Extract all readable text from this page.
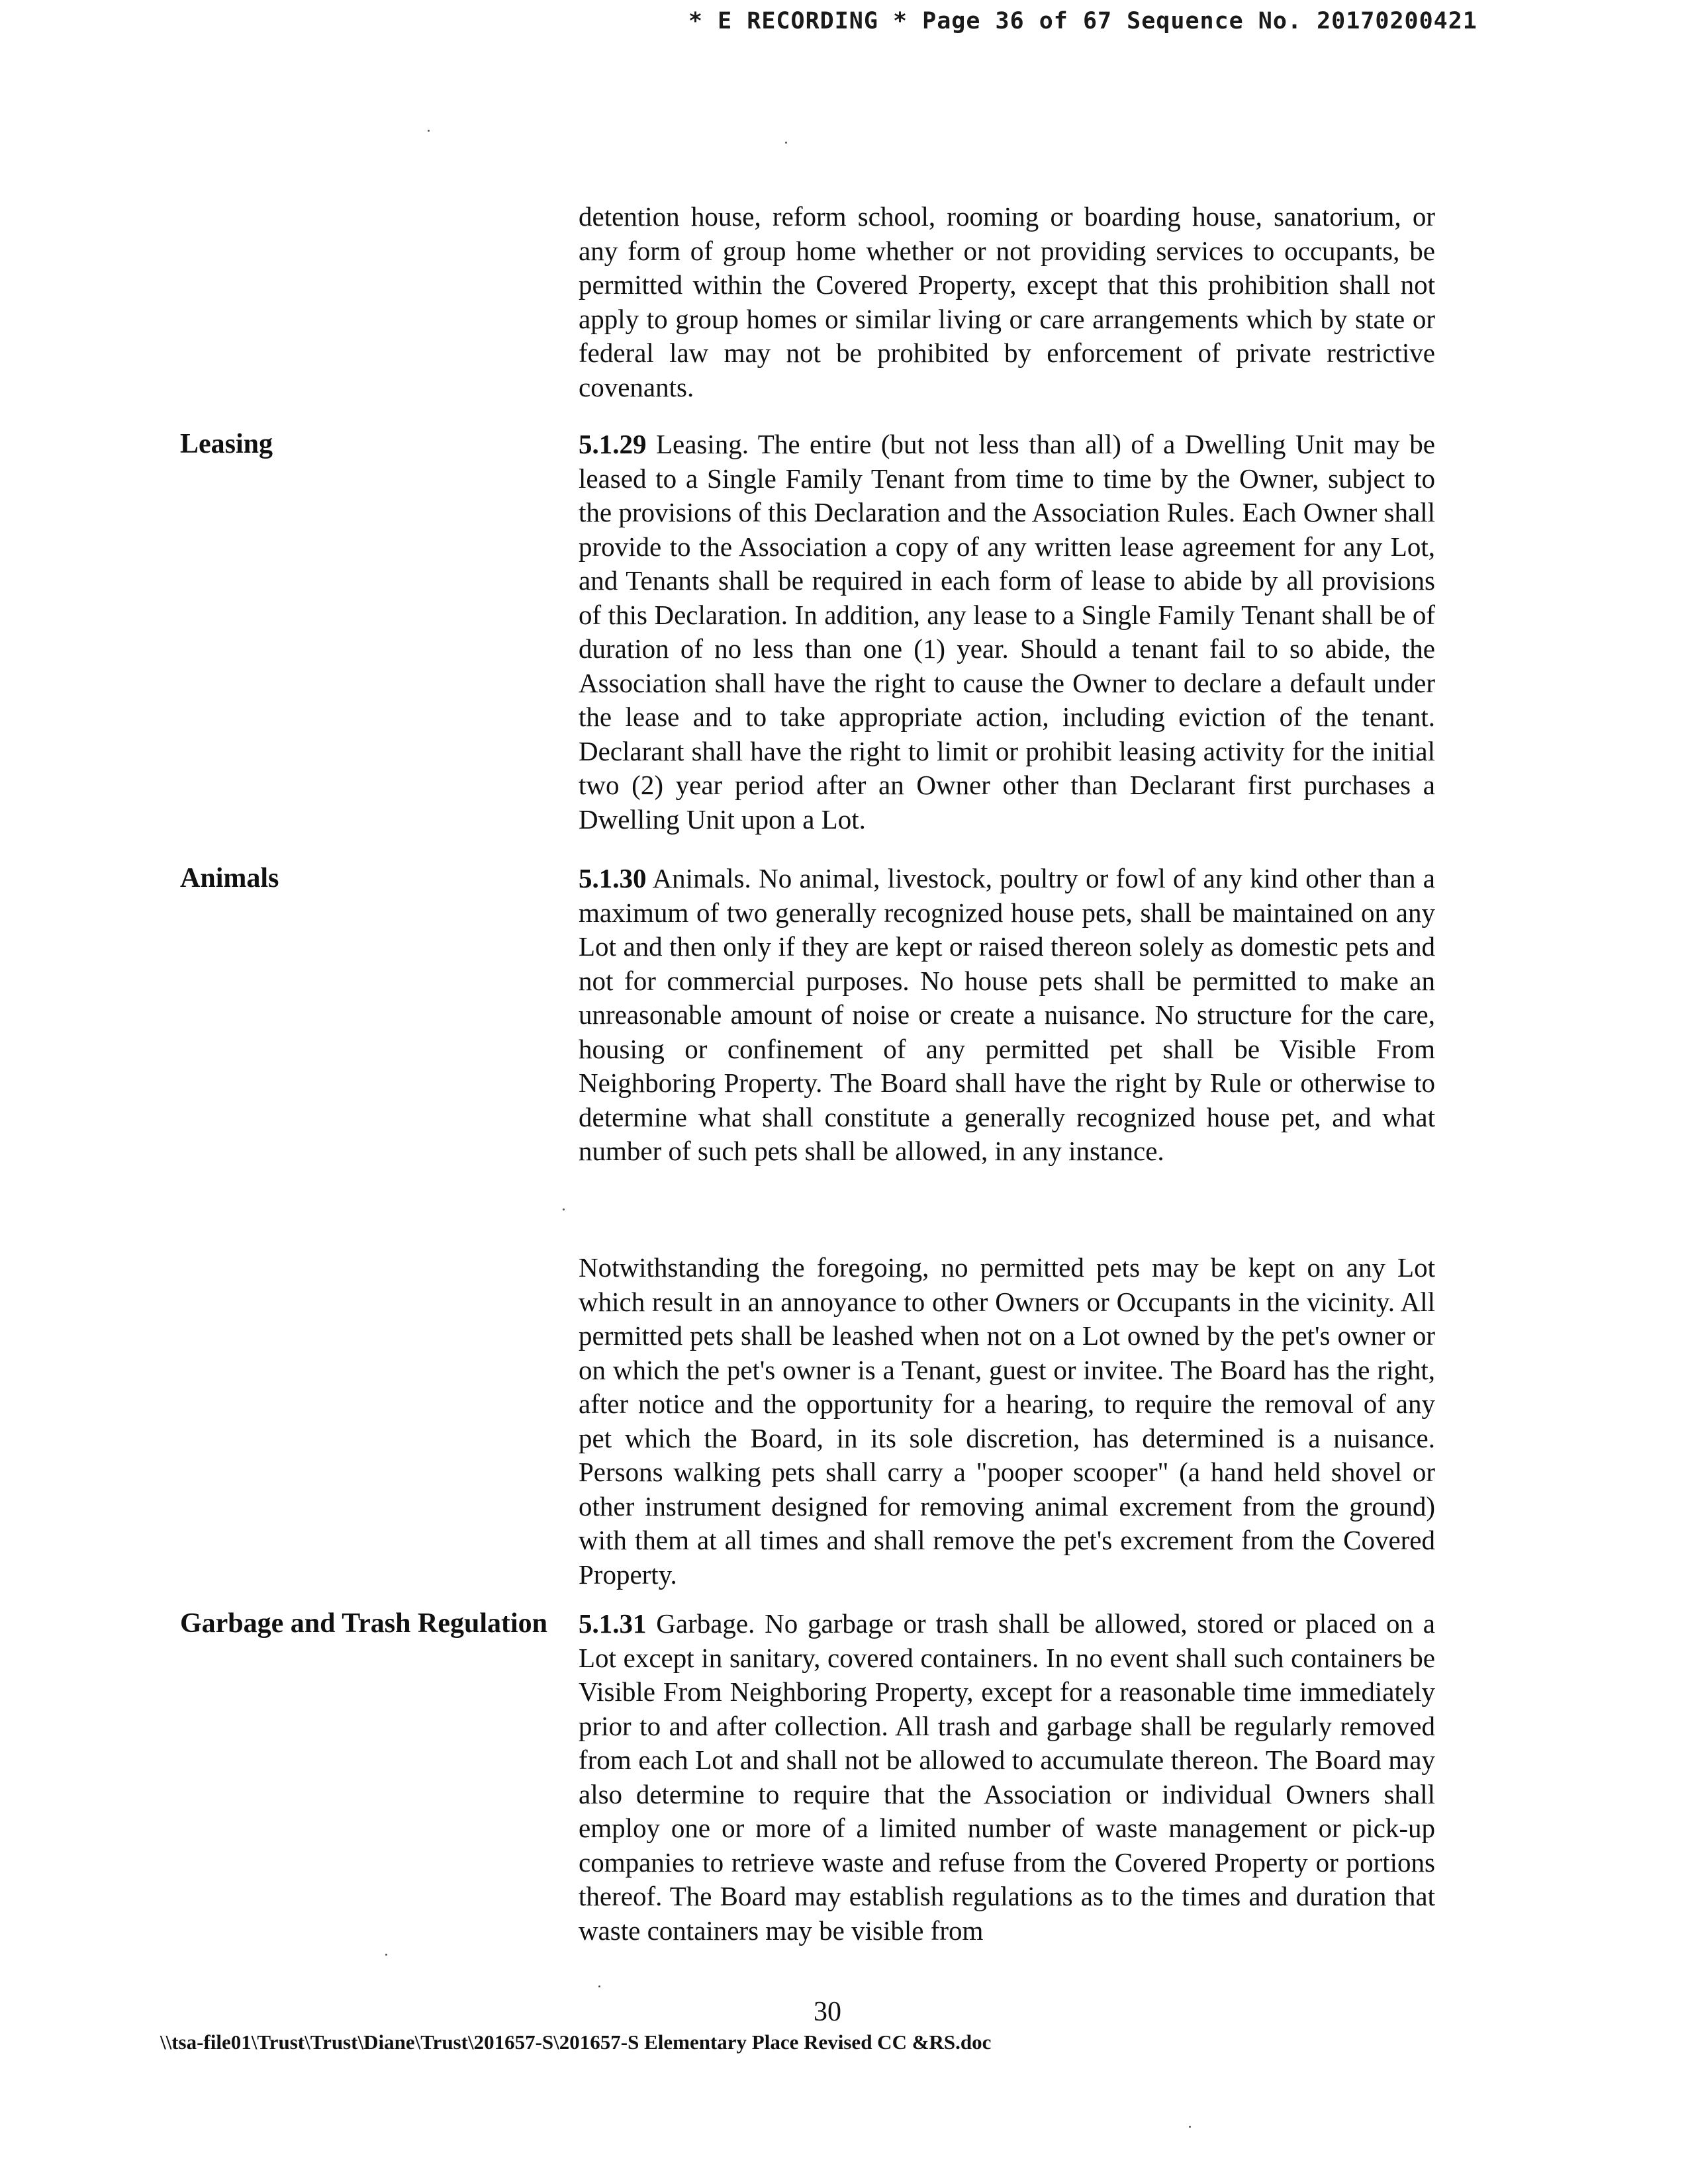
* E RECORDING * Page 36 of 67 Sequence No. 20170200421
detention house, reform school, rooming or boarding house, sanatorium, or any form of group home whether or not providing services to occupants, be permitted within the Covered Property, except that this prohibition shall not apply to group homes or similar living or care arrangements which by state or federal law may not be prohibited by enforcement of private restrictive covenants.
Leasing	5.1.29 Leasing. The entire (but not less than all) of a Dwelling Unit may be leased to a Single Family Tenant from time to time by the Owner, subject to the provisions of this Declaration and the Association Rules. Each Owner shall provide to the Association a copy of any written lease agreement for any Lot, and Tenants shall be required in each form of lease to abide by all provisions of this Declaration. In addition, any lease to a Single Family Tenant shall be of duration of no less than one (1) year. Should a tenant fail to so abide, the Association shall have the right to cause the Owner to declare a default under the lease and to take appropriate action, including eviction of the tenant. Declarant shall have the right to limit or prohibit leasing activity for the initial two (2) year period after an Owner other than Declarant first purchases a Dwelling Unit upon a Lot.
Animals	5.1.30 Animals. No animal, livestock, poultry or fowl of any kind other than a maximum of two generally recognized house pets, shall be maintained on any Lot and then only if they are kept or raised thereon solely as domestic pets and not for commercial purposes. No house pets shall be permitted to make an unreasonable amount of noise or create a nuisance. No structure for the care, housing or confinement of any permitted pet shall be Visible From Neighboring Property. The Board shall have the right by Rule or otherwise to determine what shall constitute a generally recognized house pet, and what number of such pets shall be allowed, in any instance.
Notwithstanding the foregoing, no permitted pets may be kept on any Lot which result in an annoyance to other Owners or Occupants in the vicinity. All permitted pets shall be leashed when not on a Lot owned by the pet's owner or on which the pet's owner is a Tenant, guest or invitee. The Board has the right, after notice and the opportunity for a hearing, to require the removal of any pet which the Board, in its sole discretion, has determined is a nuisance. Persons walking pets shall carry a "pooper scooper" (a hand held shovel or other instrument designed for removing animal excrement from the ground) with them at all times and shall remove the pet's excrement from the Covered Property.
Garbage and Trash Regulation 5.1.31 Garbage. No garbage or trash shall be allowed, stored or placed on a Lot except in sanitary, covered containers. In no event shall such containers be Visible From Neighboring Property, except for a reasonable time immediately prior to and after collection. All trash and garbage shall be regularly removed from each Lot and shall not be allowed to accumulate thereon. The Board may also determine to require that the Association or individual Owners shall employ one or more of a limited number of waste management or pick-up companies to retrieve waste and refuse from the Covered Property or portions thereof. The Board may establish regulations as to the times and duration that waste containers may be visible from
30
\\tsa-file01\Trust\Trust\Diane\Trust\201657-S\201657-S Elementary Place Revised CC &RS.doc
